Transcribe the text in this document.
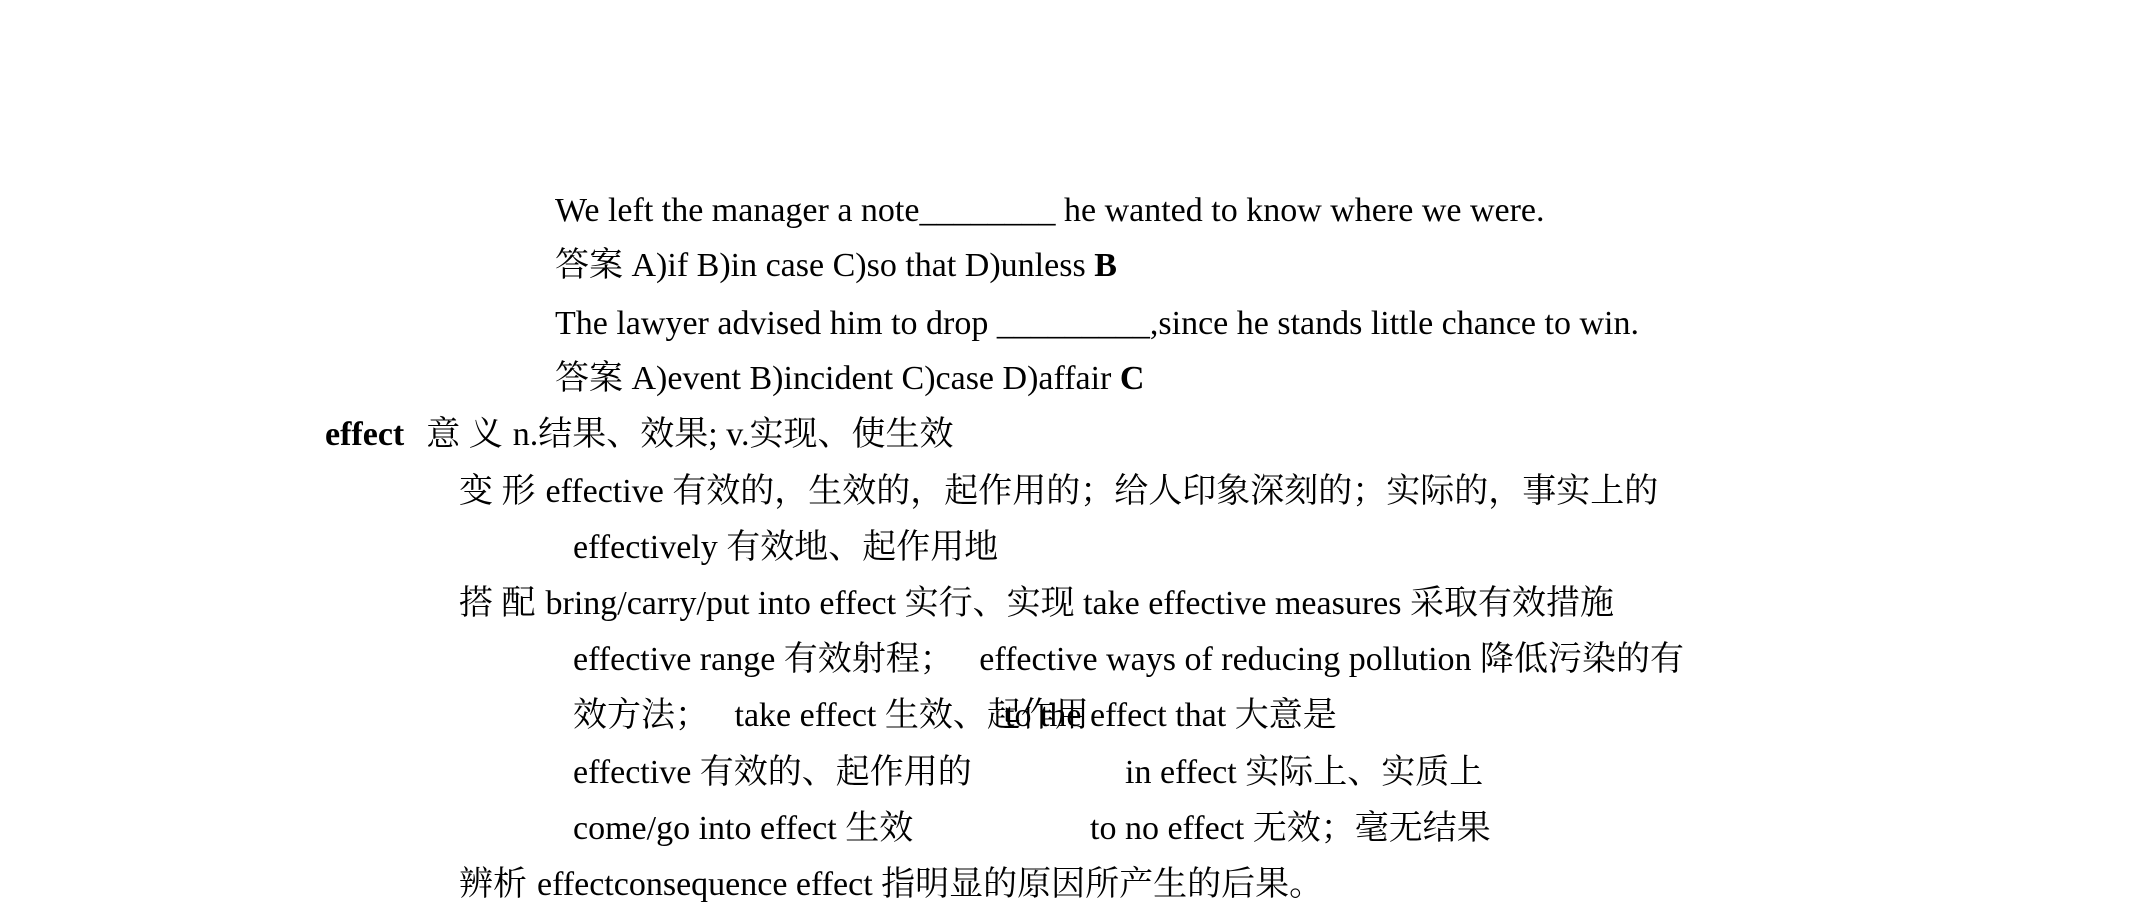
We left the manager a note________ he wanted to know where we were.
答案 A)if B)in case C)so that D)unless B
The lawyer advised him to drop _________,since he stands little chance to win.
答案 A)event B)incident C)case D)affair C
effect 意 义 n.结果、效果; v.实现、使生效
变 形 effective 有效的，生效的，起作用的；给人印象深刻的；实际的，事实上的
effectively 有效地、起作用地
搭 配 bring/carry/put into effect 实行、实现 take effective measures 采取有效措施
effective range 有效射程；   effective ways of reducing pollution 降低污染的有
效方法；   take effect 生效、起作用
to the effect that 大意是
effective 有效的、起作用的	in effect 实际上、实质上
come/go into effect 生效	to no effect 无效；毫无结果
辨析 effectconsequence effect 指明显的原因所产生的后果。
